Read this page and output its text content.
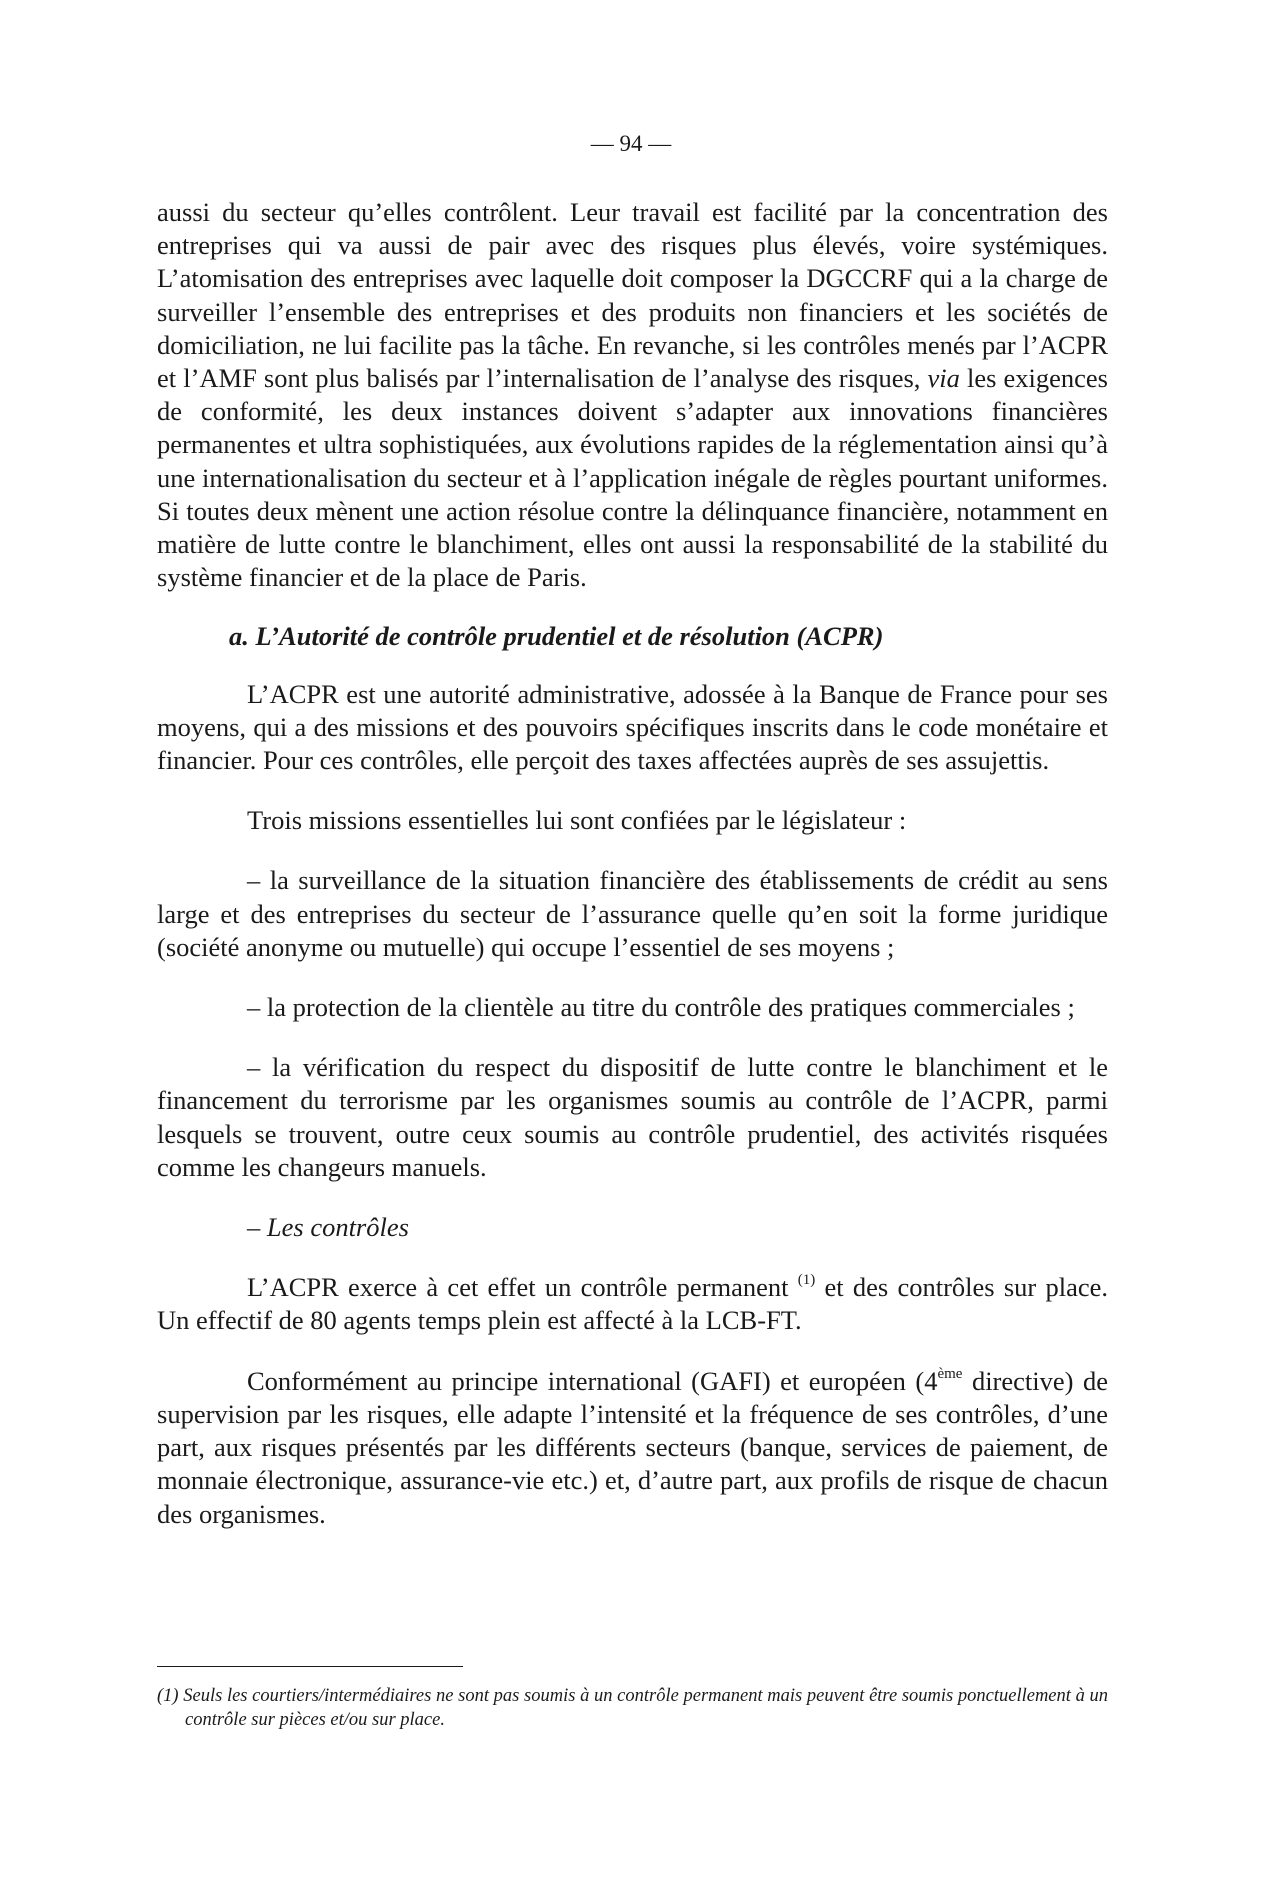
— 94 —

aussi du secteur qu’elles contrôlent. Leur travail est facilité par la concentration des entreprises qui va aussi de pair avec des risques plus élevés, voire systémiques. L’atomisation des entreprises avec laquelle doit composer la DGCCRF qui a la charge de surveiller l’ensemble des entreprises et des produits non financiers et les sociétés de domiciliation, ne lui facilite pas la tâche. En revanche, si les contrôles menés par l’ACPR et l’AMF sont plus balisés par l’internalisation de l’analyse des risques, via les exigences de conformité, les deux instances doivent s’adapter aux innovations financières permanentes et ultra sophistiquées, aux évolutions rapides de la réglementation ainsi qu’à une internationalisation du secteur et à l’application inégale de règles pourtant uniformes. Si toutes deux mènent une action résolue contre la délinquance financière, notamment en matière de lutte contre le blanchiment, elles ont aussi la responsabilité de la stabilité du système financier et de la place de Paris.

a. L’Autorité de contrôle prudentiel et de résolution (ACPR)

L’ACPR est une autorité administrative, adossée à la Banque de France pour ses moyens, qui a des missions et des pouvoirs spécifiques inscrits dans le code monétaire et financier. Pour ces contrôles, elle perçoit des taxes affectées auprès de ses assujettis.

Trois missions essentielles lui sont confiées par le législateur :

– la surveillance de la situation financière des établissements de crédit au sens large et des entreprises du secteur de l’assurance quelle qu’en soit la forme juridique (société anonyme ou mutuelle) qui occupe l’essentiel de ses moyens ;

– la protection de la clientèle au titre du contrôle des pratiques commerciales ;

– la vérification du respect du dispositif de lutte contre le blanchiment et le financement du terrorisme par les organismes soumis au contrôle de l’ACPR, parmi lesquels se trouvent, outre ceux soumis au contrôle prudentiel, des activités risquées comme les changeurs manuels.

– Les contrôles

L’ACPR exerce à cet effet un contrôle permanent $^{(1)}$ et des contrôles sur place. Un effectif de 80 agents temps plein est affecté à la LCB-FT.

Conformément au principe international (GAFI) et européen (4ème directive) de supervision par les risques, elle adapte l’intensité et la fréquence de ses contrôles, d’une part, aux risques présentés par les différents secteurs (banque, services de paiement, de monnaie électronique, assurance-vie etc.) et, d’autre part, aux profils de risque de chacun des organismes.

(1) Seuls les courtiers/intermédiaires ne sont pas soumis à un contrôle permanent mais peuvent être soumis ponctuellement à un contrôle sur pièces et/ou sur place.
